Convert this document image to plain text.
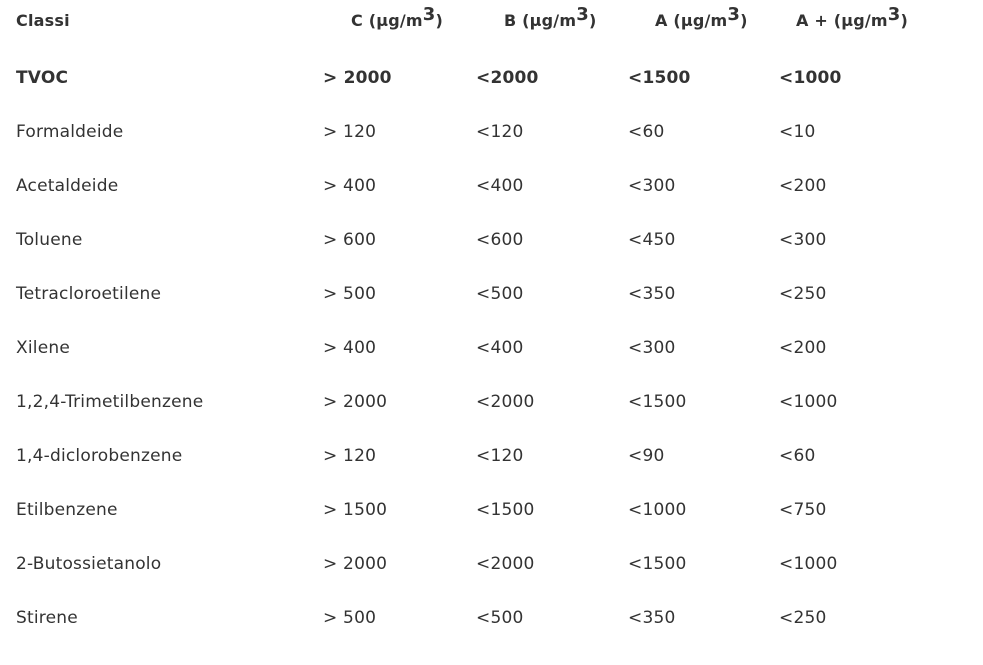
Classi	C $(\mu g/m^3)$	B $(\mu g/m^3)$	A $(\mu g/m^3)$	$A + (\mu g/m^3)$
TVOC	> 2000	<2000	<1500	<1000
Formaldeide	> 120	<120	<60	<10
Acetaldeide	> 400	<400	<300	<200
Toluene	> 600	<600	<450	<300
Tetracloroetilene	> 500	<500	<350	<250
Xilene	> 400	<400	<300	<200
1,2,4-Trimetilbenzene	> 2000	<2000	<1500	<1000
1,4-diclorobenzene	> 120	<120	<90	<60
Etilbenzene	> 1500	<1500	<1000	<750
2-Butossietanolo	> 2000	<2000	<1500	<1000
Stirene	> 500	<500	<350	<250
